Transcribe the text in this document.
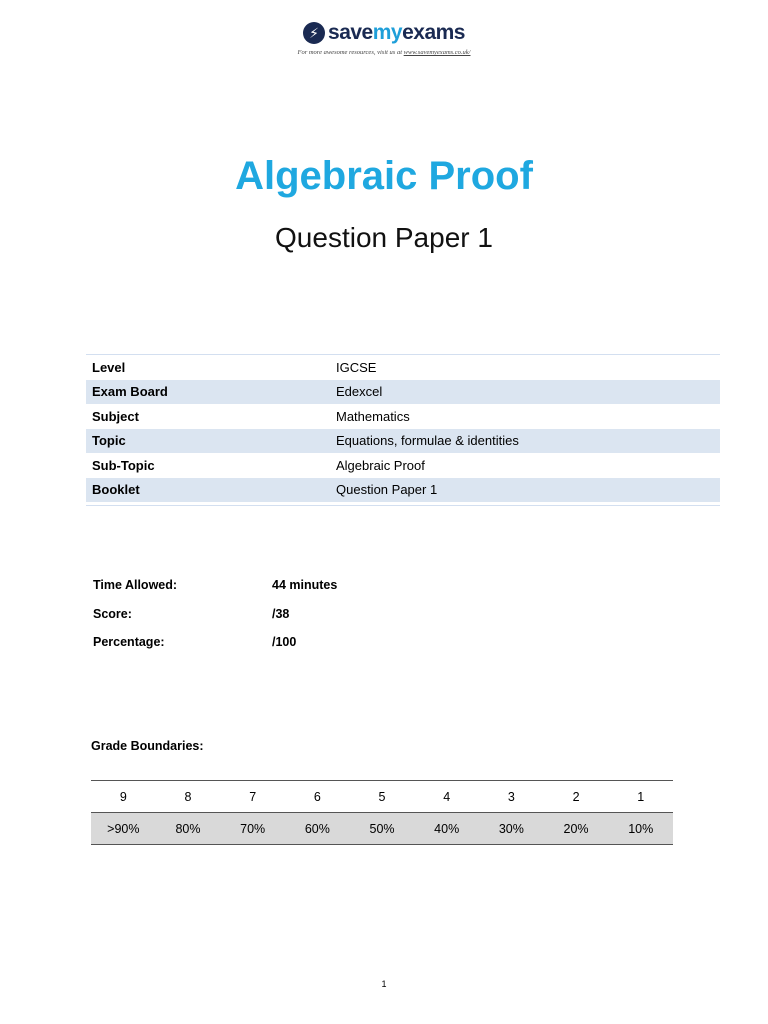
⚡ savemyexams
For more awesome resources, visit us at www.savemyexams.co.uk/
Algebraic Proof
Question Paper 1
Level	IGCSE
Exam Board	Edexcel
Subject	Mathematics
Topic	Equations, formulae & identities
Sub-Topic	Algebraic Proof
Booklet	Question Paper 1
Time Allowed:	44 minutes
Score:	/38
Percentage:	/100
Grade Boundaries:
9	8	7	6	5	4	3	2	1
>90%	80%	70%	60%	50%	40%	30%	20%	10%
1
